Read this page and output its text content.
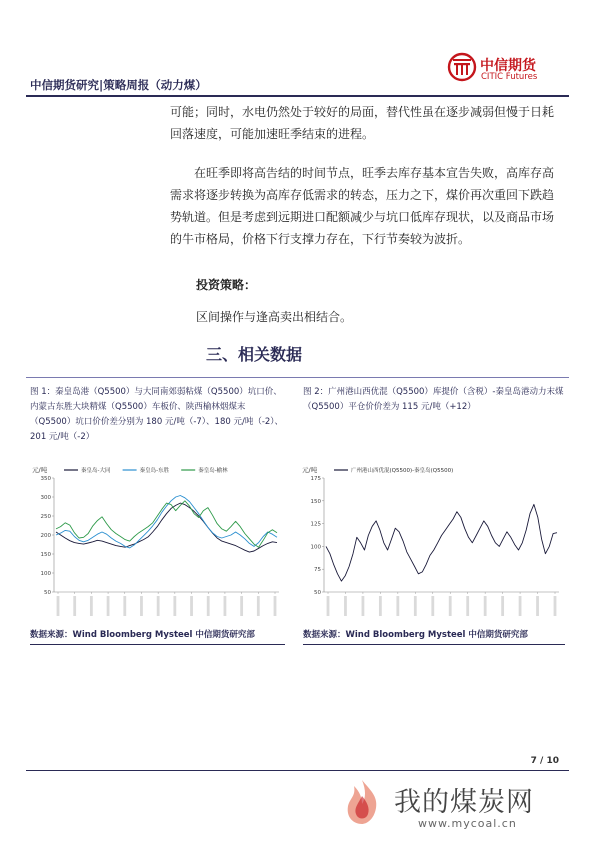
中信期货研究|策略周报（动力煤）
中信期货
CITIC Futures

可能；同时，水电仍然处于较好的局面，替代性虽在逐步减弱但慢于日耗回落速度，可能加速旺季结束的进程。

在旺季即将高告结的时间节点，旺季去库存基本宣告失败，高库存高需求将逐步转换为高库存低需求的转态，压力之下，煤价再次重回下跌趋势轨道。但是考虑到远期进口配额减少与坑口低库存现状，以及商品市场的牛市格局，价格下行支撑力存在，下行节奏较为波折。

投资策略：

区间操作与逢高卖出相结合。

三、相关数据

图 1：秦皇岛港（Q5500）与大同南郊弱粘煤（Q5500）坑口价、内蒙古东胜大块精煤（Q5500）车板价、陕西榆林烟煤末（Q5500）坑口价价差分别为 180 元/吨（-7）、180 元/吨（-2）、201 元/吨（-2）

图 2：广州港山西优混（Q5500）库提价（含税）-秦皇岛港动力末煤（Q5500）平仓价价差为 115 元/吨（+12）

元/吨
50
100
150
200
250
300
350
秦皇岛-大同	秦皇岛-东胜	秦皇岛-榆林	元/吨
50
75
100
125
150
175
广州港山西优混(Q5500)-秦皇岛(Q5500)
数据来源：Wind Bloomberg Mysteel 中信期货研究部	数据来源：Wind Bloomberg Mysteel 中信期货研究部
7 / 10
我的煤炭网
www.mycoal.cn
